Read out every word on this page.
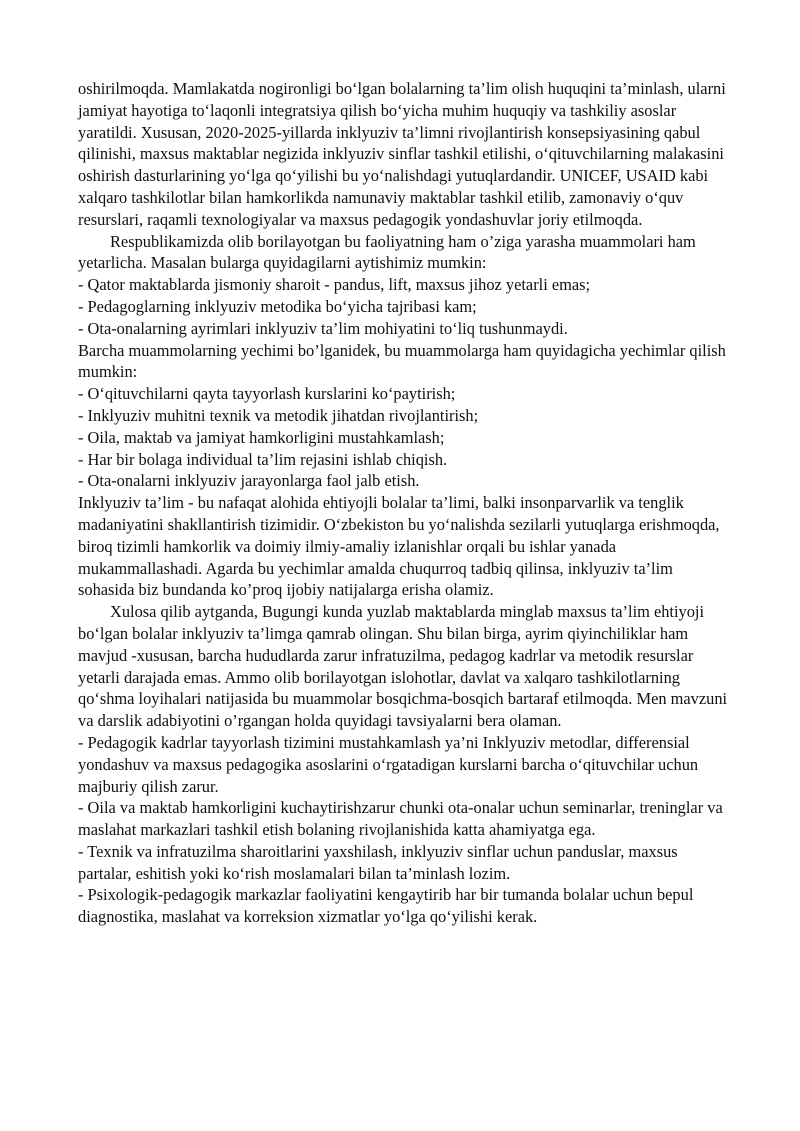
oshirilmoqda. Mamlakatda nogironligi bo‘lgan bolalarning ta’lim olish huquqini ta’minlash, ularni jamiyat hayotiga to‘laqonli integratsiya qilish bo‘yicha muhim huquqiy va tashkiliy asoslar yaratildi. Xususan, 2020-2025-yillarda inklyuziv ta’limni rivojlantirish konsepsiyasining qabul qilinishi, maxsus maktablar negizida inklyuziv sinflar tashkil etilishi, o‘qituvchilarning malakasini oshirish dasturlarining yo‘lga qo‘yilishi bu yo‘nalishdagi yutuqlardandir. UNICEF, USAID kabi xalqaro tashkilotlar bilan hamkorlikda namunaviy maktablar tashkil etilib, zamonaviy o‘quv resurslari, raqamli texnologiyalar va maxsus pedagogik yondashuvlar joriy etilmoqda.

Respublikamizda olib borilayotgan bu faoliyatning ham o’ziga yarasha muammolari ham yetarlicha. Masalan bularga quyidagilarni aytishimiz mumkin:

- Qator maktablarda jismoniy sharoit - pandus, lift, maxsus jihoz yetarli emas;

- Pedagoglarning inklyuziv metodika bo‘yicha tajribasi kam;

- Ota-onalarning ayrimlari inklyuziv ta’lim mohiyatini to‘liq tushunmaydi.

Barcha muammolarning yechimi bo’lganidek, bu muammolarga ham quyidagicha yechimlar qilish mumkin:

- O‘qituvchilarni qayta tayyorlash kurslarini ko‘paytirish;

- Inklyuziv muhitni texnik va metodik jihatdan rivojlantirish;

- Oila, maktab va jamiyat hamkorligini mustahkamlash;

- Har bir bolaga individual ta’lim rejasini ishlab chiqish.

- Ota-onalarni inklyuziv jarayonlarga faol jalb etish.

Inklyuziv ta’lim - bu nafaqat alohida ehtiyojli bolalar ta’limi, balki insonparvarlik va tenglik madaniyatini shakllantirish tizimidir. O‘zbekiston bu yo‘nalishda sezilarli yutuqlarga erishmoqda, biroq tizimli hamkorlik va doimiy ilmiy-amaliy izlanishlar orqali bu ishlar yanada mukammallashadi. Agarda bu yechimlar amalda chuqurroq tadbiq qilinsa, inklyuziv ta’lim sohasida biz bundanda ko’proq ijobiy natijalarga erisha olamiz.

Xulosa qilib aytganda, Bugungi kunda yuzlab maktablarda minglab maxsus ta’lim ehtiyoji bo‘lgan bolalar inklyuziv ta’limga qamrab olingan. Shu bilan birga, ayrim qiyinchiliklar ham mavjud -xususan, barcha hududlarda zarur infratuzilma, pedagog kadrlar va metodik resurslar yetarli darajada emas. Ammo olib borilayotgan islohotlar, davlat va xalqaro tashkilotlarning qo‘shma loyihalari natijasida bu muammolar bosqichma-bosqich bartaraf etilmoqda. Men mavzuni va darslik adabiyotini o’rgangan holda quyidagi tavsiyalarni bera olaman.

- Pedagogik kadrlar tayyorlash tizimini mustahkamlash ya’ni Inklyuziv metodlar, differensial yondashuv va maxsus pedagogika asoslarini o‘rgatadigan kurslarni barcha o‘qituvchilar uchun majburiy qilish zarur.

- Oila va maktab hamkorligini kuchaytirishzarur chunki ota-onalar uchun seminarlar, treninglar va maslahat markazlari tashkil etish bolaning rivojlanishida katta ahamiyatga ega.

- Texnik va infratuzilma sharoitlarini yaxshilash, inklyuziv sinflar uchun panduslar, maxsus partalar, eshitish yoki ko‘rish moslamalari bilan ta’minlash lozim.

- Psixologik-pedagogik markazlar faoliyatini kengaytirib har bir tumanda bolalar uchun bepul diagnostika, maslahat va korreksion xizmatlar yo‘lga qo‘yilishi kerak.
